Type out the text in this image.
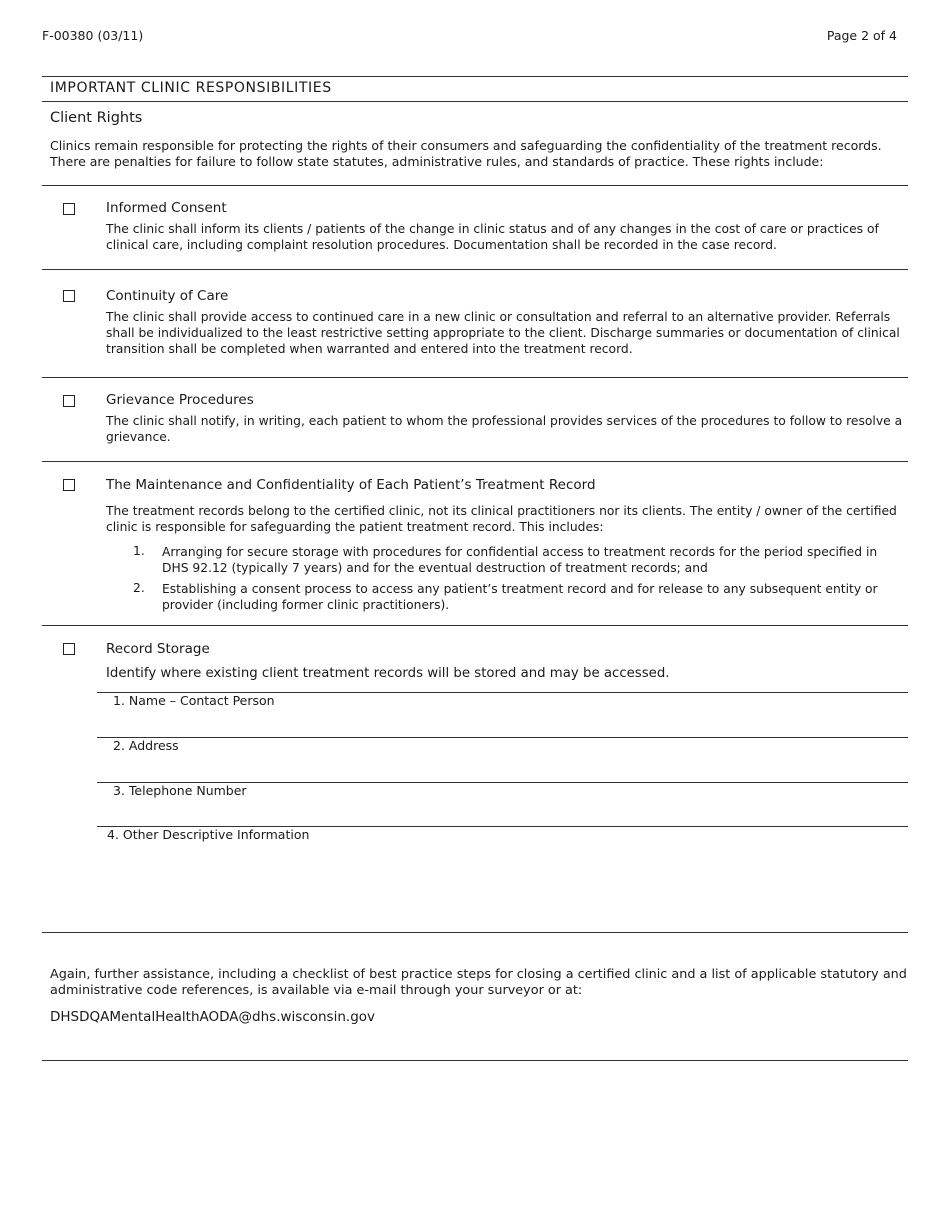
F-00380 (03/11)	Page 2 of 4
IMPORTANT CLINIC RESPONSIBILITIES
Client Rights
Clinics remain responsible for protecting the rights of their consumers and safeguarding the confidentiality of the treatment records. There are penalties for failure to follow state statutes, administrative rules, and standards of practice. These rights include:
Informed Consent
The clinic shall inform its clients / patients of the change in clinic status and of any changes in the cost of care or practices of clinical care, including complaint resolution procedures. Documentation shall be recorded in the case record.
Continuity of Care
The clinic shall provide access to continued care in a new clinic or consultation and referral to an alternative provider. Referrals shall be individualized to the least restrictive setting appropriate to the client. Discharge summaries or documentation of clinical transition shall be completed when warranted and entered into the treatment record.
Grievance Procedures
The clinic shall notify, in writing, each patient to whom the professional provides services of the procedures to follow to resolve a grievance.
The Maintenance and Confidentiality of Each Patient’s Treatment Record
The treatment records belong to the certified clinic, not its clinical practitioners nor its clients. The entity / owner of the certified clinic is responsible for safeguarding the patient treatment record. This includes:
1. Arranging for secure storage with procedures for confidential access to treatment records for the period specified in DHS 92.12 (typically 7 years) and for the eventual destruction of treatment records; and
2. Establishing a consent process to access any patient’s treatment record and for release to any subsequent entity or provider (including former clinic practitioners).
Record Storage
Identify where existing client treatment records will be stored and may be accessed.
1. Name – Contact Person
2. Address
3. Telephone Number
4. Other Descriptive Information
Again, further assistance, including a checklist of best practice steps for closing a certified clinic and a list of applicable statutory and administrative code references, is available via e-mail through your surveyor or at:
DHSDQAMentalHealthAODA@dhs.wisconsin.gov
